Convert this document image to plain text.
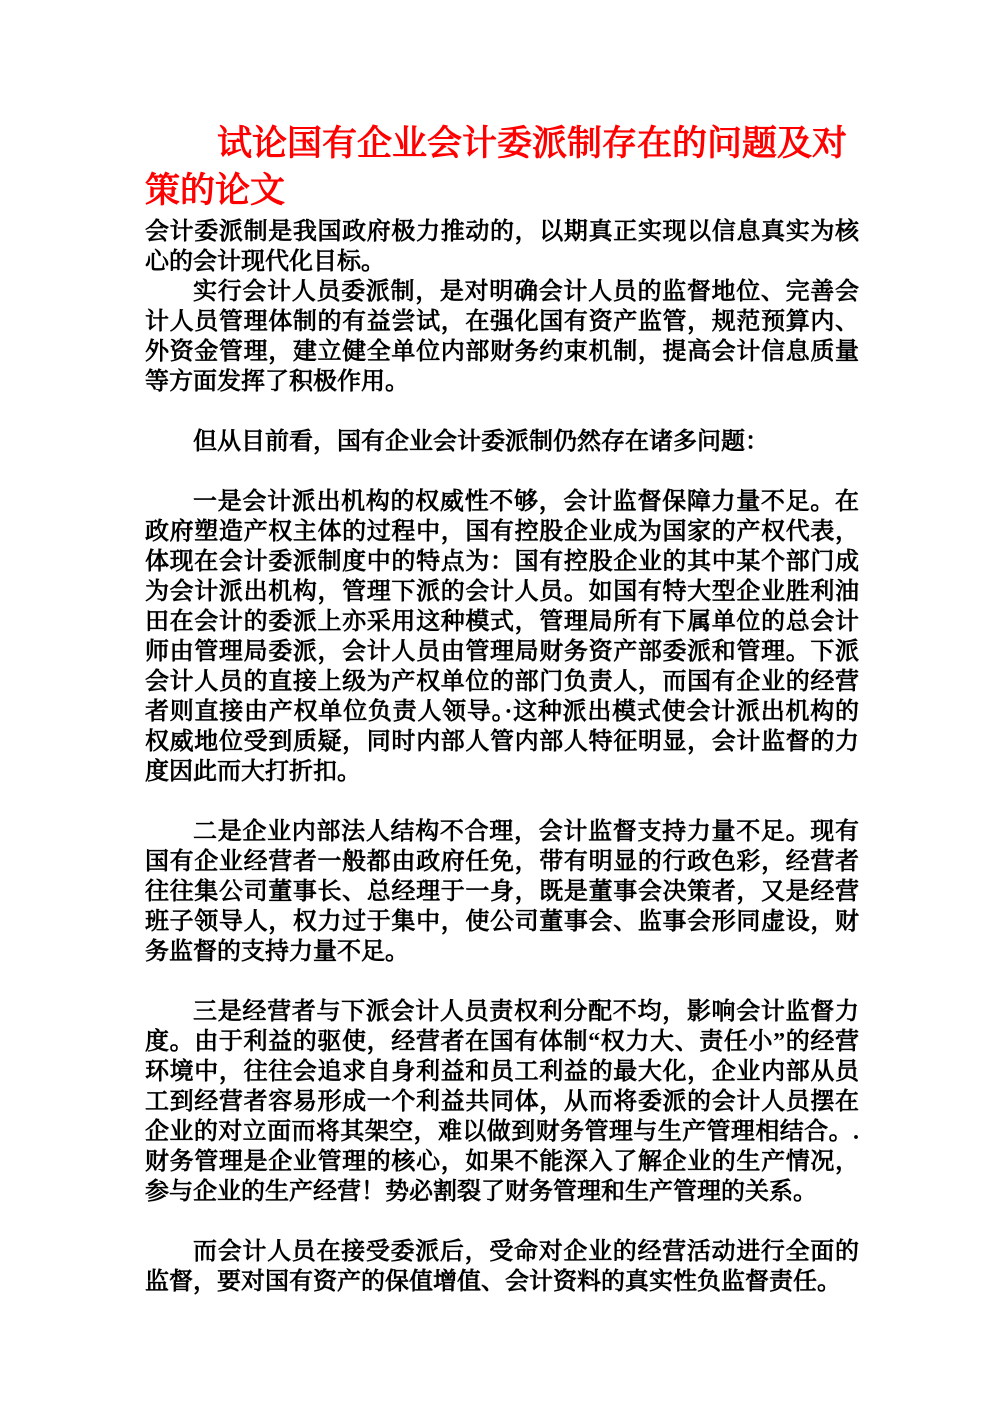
试论国有企业会计委派制存在的问题及对策的论文

会计委派制是我国政府极力推动的，以期真正实现以信息真实为核心的会计现代化目标。

实行会计人员委派制，是对明确会计人员的监督地位、完善会计人员管理体制的有益尝试，在强化国有资产监管，规范预算内、外资金管理，建立健全单位内部财务约束机制，提高会计信息质量等方面发挥了积极作用。

但从目前看，国有企业会计委派制仍然存在诸多问题：

一是会计派出机构的权威性不够，会计监督保障力量不足。在政府塑造产权主体的过程中，国有控股企业成为国家的产权代表，体现在会计委派制度中的特点为：国有控股企业的其中某个部门成为会计派出机构，管理下派的会计人员。如国有特大型企业胜利油田在会计的委派上亦采用这种模式，管理局所有下属单位的总会计师由管理局委派，会计人员由管理局财务资产部委派和管理。下派会计人员的直接上级为产权单位的部门负责人，而国有企业的经营者则直接由产权单位负责人领导。·这种派出模式使会计派出机构的权威地位受到质疑，同时内部人管内部人特征明显，会计监督的力度因此而大打折扣。

二是企业内部法人结构不合理，会计监督支持力量不足。现有国有企业经营者一般都由政府任免，带有明显的行政色彩，经营者往往集公司董事长、总经理于一身，既是董事会决策者，又是经营班子领导人，权力过于集中，使公司董事会、监事会形同虚设，财务监督的支持力量不足。

三是经营者与下派会计人员责权利分配不均，影响会计监督力度。由于利益的驱使，经营者在国有体制“权力大、责任小”的经营环境中，往往会追求自身利益和员工利益的最大化，企业内部从员工到经营者容易形成一个利益共同体，从而将委派的会计人员摆在企业的对立面而将其架空，难以做到财务管理与生产管理相结合。.财务管理是企业管理的核心，如果不能深入了解企业的生产情况，参与企业的生产经营！势必割裂了财务管理和生产管理的关系。

而会计人员在接受委派后，受命对企业的经营活动进行全面的监督，要对国有资产的保值增值、会计资料的真实性负监督责任。
